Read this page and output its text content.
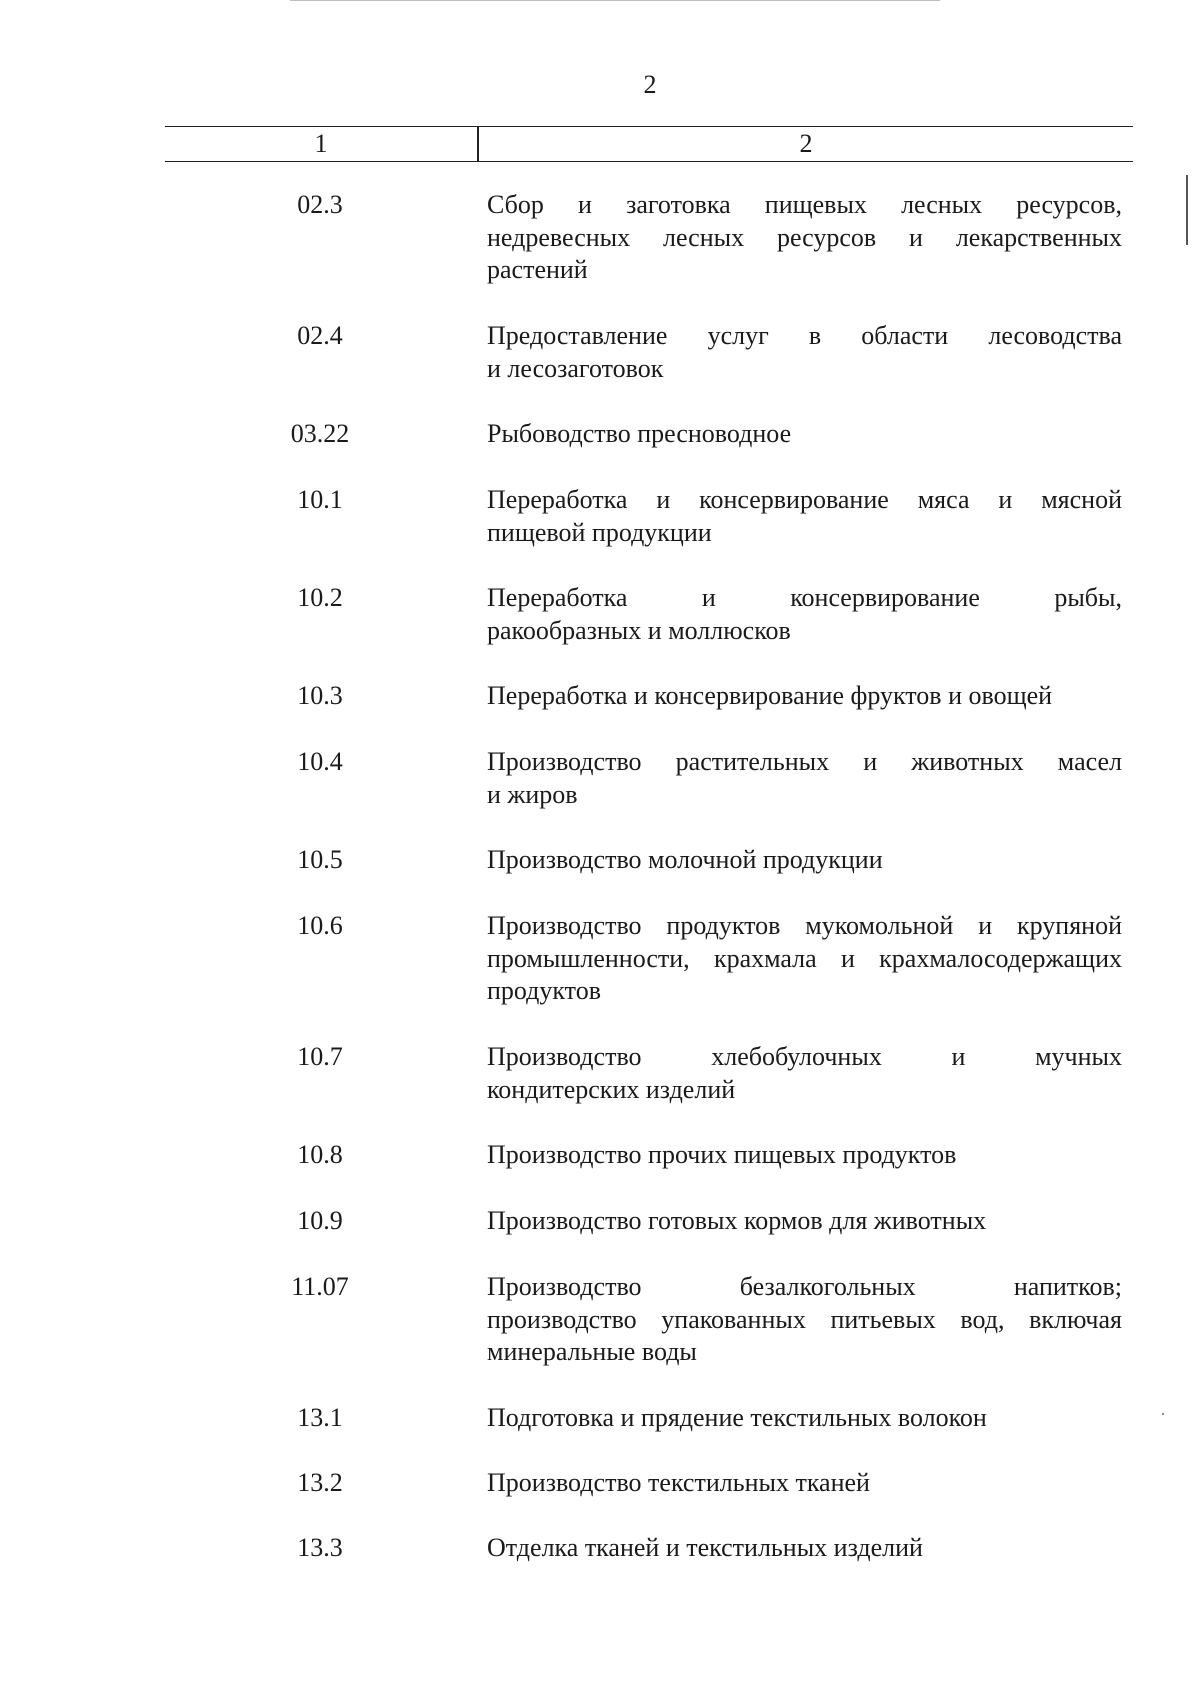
2
1	2
02.3	Сбор и заготовка пищевых лесных ресурсов,
недревесных лесных ресурсов и лекарственных
растений
02.4	Предоставление услуг в области лесоводства
и лесозаготовок
03.22	Рыбоводство пресноводное
10.1	Переработка и консервирование мяса и мясной
пищевой продукции
10.2	Переработка и консервирование рыбы,
ракообразных и моллюсков
10.3	Переработка и консервирование фруктов и овощей
10.4	Производство растительных и животных масел
и жиров
10.5	Производство молочной продукции
10.6	Производство продуктов мукомольной и крупяной
промышленности, крахмала и крахмалосодержащих
продуктов
10.7	Производство хлебобулочных и мучных
кондитерских изделий
10.8	Производство прочих пищевых продуктов
10.9	Производство готовых кормов для животных
11.07	Производство безалкогольных напитков;
производство упакованных питьевых вод, включая
минеральные воды
13.1	Подготовка и прядение текстильных волокон
13.2	Производство текстильных тканей
13.3	Отделка тканей и текстильных изделий
